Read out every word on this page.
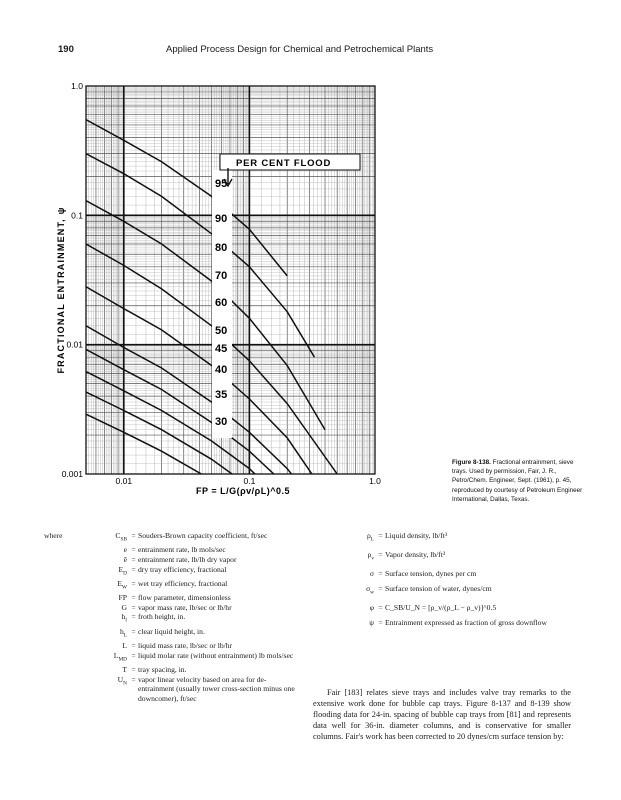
190	Applied Process Design for Chemical and Petrochemical Plants
PER CENT FLOOD
95
90
80
70
60
50
45
40
35
30
0.001
0.01
0.1
1.0
0.01	0.1	1.0
FRACTIONAL ENTRAINMENT, ψ
FP = L/G(ρv/ρL)^0.5
Figure 8-138. Fractional entrainment, sieve trays. Used by permission, Fair, J. R., Petro/Chem. Engineer, Sept. (1961), p. 45, reproduced by courtesy of Petroleum Engineer International, Dallas, Texas.
where	$C_{SB}$ = Souders-Brown capacity coefficient, ft/sec
e = entrainment rate, lb mols/sec
ē = entrainment rate, lb/lb dry vapor
$E_D$ = dry tray efficiency, fractional
$E_W$ = wet tray efficiency, fractional
FP = flow parameter, dimensionless
G = vapor mass rate, lb/sec or lb/hr
$h_f$ = froth height, in.
$h_L$ = clear liquid height, in.
L = liquid mass rate, lb/sec or lb/hr
$L_{MD}$ = liquid molar rate (without entrainment) lb mols/sec
T = tray spacing, in.
$U_N$ = vapor linear velocity based on area for de-entrainment (usually tower cross-section minus one downcomer), ft/sec
$\rho_L$ = Liquid density, lb/ft³
$\rho_v$ = Vapor density, lb/ft³
σ = Surface tension, dynes per cm
$\sigma_w$ = Surface tension of water, dynes/cm
φ = C_SB/U_N = [ρ_v/(ρ_L − ρ_v)]^0.5
ψ = Entrainment expressed as fraction of gross downflow

Fair [183] relates sieve trays and includes valve tray remarks to the extensive work done for bubble cap trays. Figure 8-137 and 8-139 show flooding data for 24-in. spacing of bubble cap trays from [81] and represents data well for 36-in. diameter columns, and is conservative for smaller columns. Fair's work has been corrected to 20 dynes/cm surface tension by:
